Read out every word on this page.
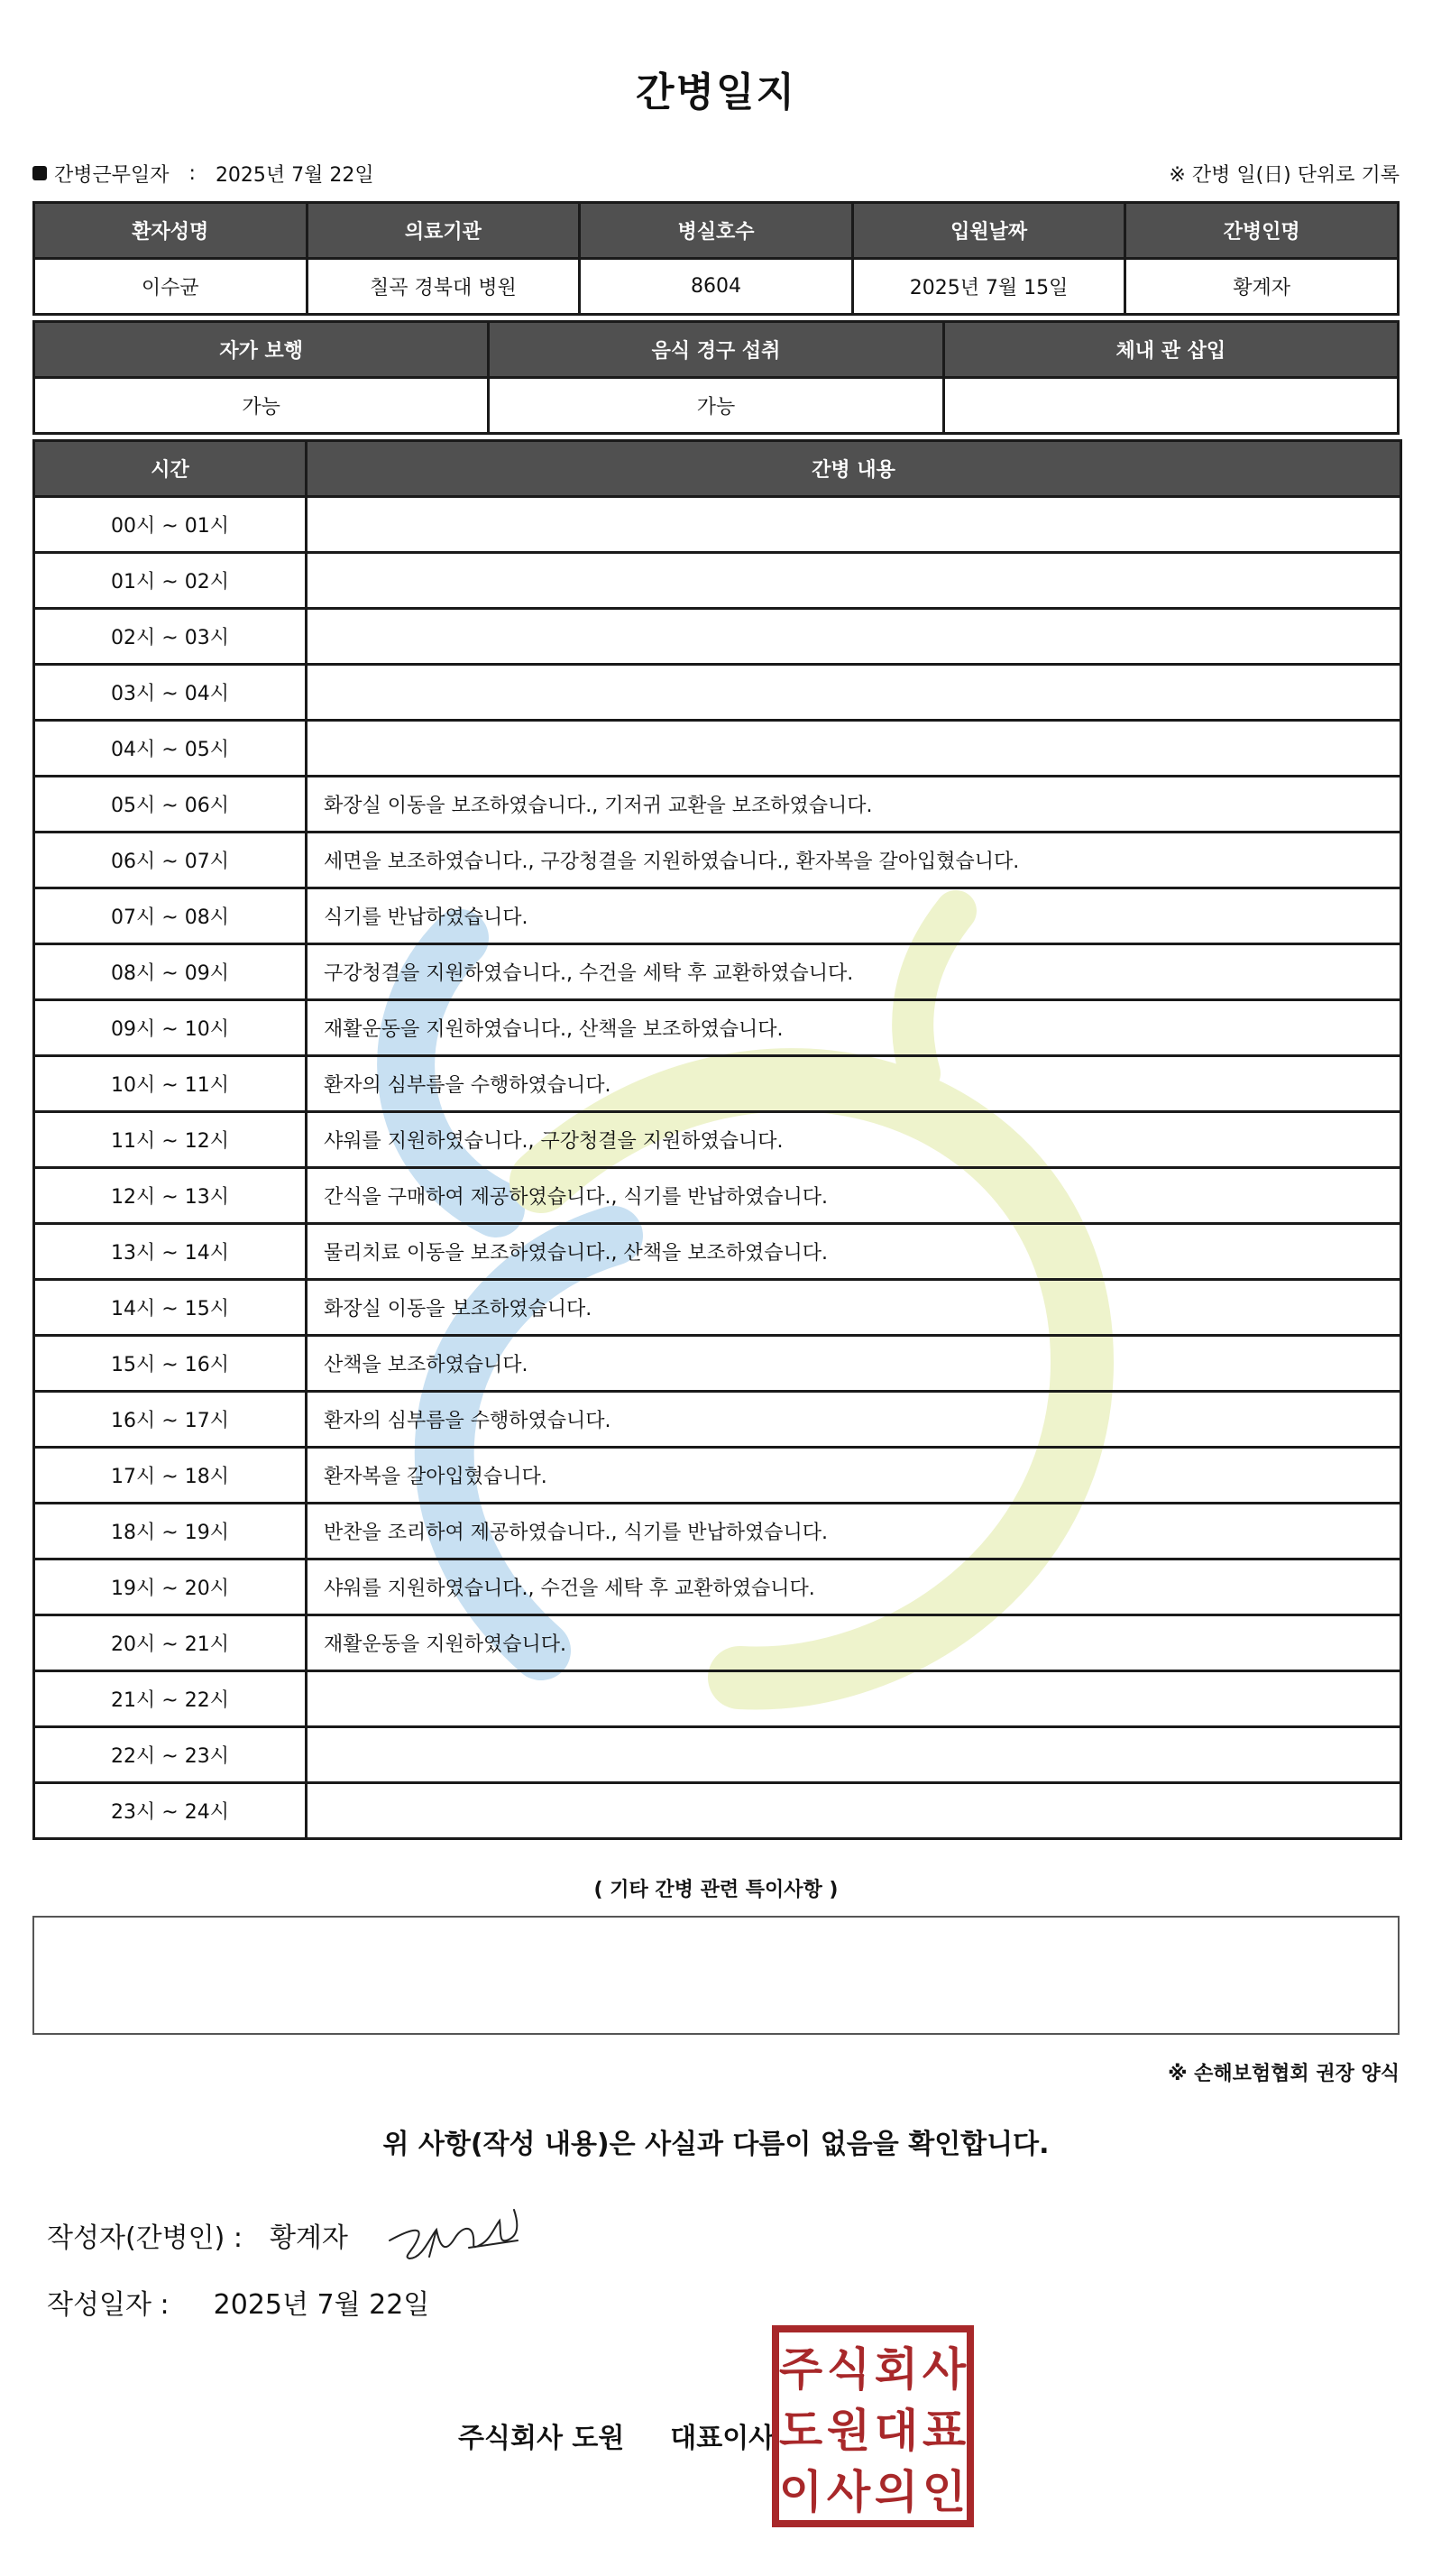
간병일지
간병근무일자 : 2025년 7월 22일	※ 간병 일(日) 단위로 기록
환자성명	의료기관	병실호수	입원날짜	간병인명
이수균	칠곡 경북대 병원	8604	2025년 7월 15일	황계자
자가 보행	음식 경구 섭취	체내 관 삽입
가능	가능	
시간	간병 내용
00시 ~ 01시	
01시 ~ 02시	
02시 ~ 03시	
03시 ~ 04시	
04시 ~ 05시	
05시 ~ 06시	화장실 이동을 보조하였습니다., 기저귀 교환을 보조하였습니다.
06시 ~ 07시	세면을 보조하였습니다., 구강청결을 지원하였습니다., 환자복을 갈아입혔습니다.
07시 ~ 08시	식기를 반납하였습니다.
08시 ~ 09시	구강청결을 지원하였습니다., 수건을 세탁 후 교환하였습니다.
09시 ~ 10시	재활운동을 지원하였습니다., 산책을 보조하였습니다.
10시 ~ 11시	환자의 심부름을 수행하였습니다.
11시 ~ 12시	샤워를 지원하였습니다., 구강청결을 지원하였습니다.
12시 ~ 13시	간식을 구매하여 제공하였습니다., 식기를 반납하였습니다.
13시 ~ 14시	물리치료 이동을 보조하였습니다., 산책을 보조하였습니다.
14시 ~ 15시	화장실 이동을 보조하였습니다.
15시 ~ 16시	산책을 보조하였습니다.
16시 ~ 17시	환자의 심부름을 수행하였습니다.
17시 ~ 18시	환자복을 갈아입혔습니다.
18시 ~ 19시	반찬을 조리하여 제공하였습니다., 식기를 반납하였습니다.
19시 ~ 20시	샤워를 지원하였습니다., 수건을 세탁 후 교환하였습니다.
20시 ~ 21시	재활운동을 지원하였습니다.
21시 ~ 22시	
22시 ~ 23시	
23시 ~ 24시	
( 기타 간병 관련 특이사항 )
※ 손해보험협회 권장 양식
위 사항(작성 내용)은 사실과 다름이 없음을 확인합니다.
작성자(간병인) : 황계자
작성일자 : 2025년 7월 22일
주식회사 도원 대표이사
주 식 회 사
도 원 대 표
이 사 의 인
